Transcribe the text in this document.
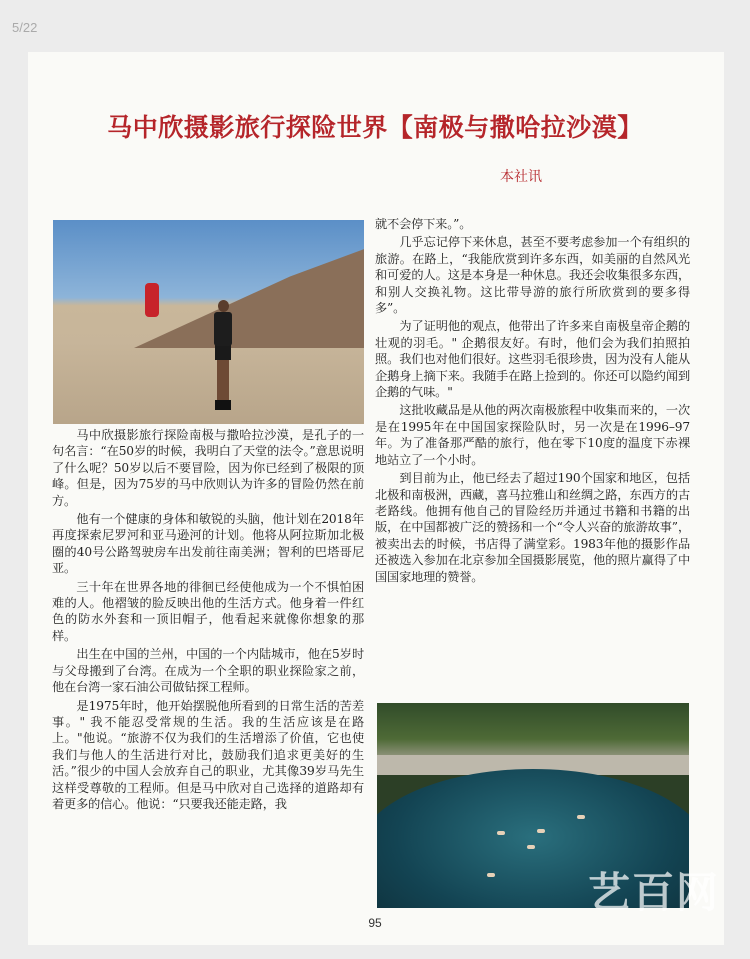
5/22
马中欣摄影旅行探险世界【南极与撒哈拉沙漠】
本社讯

马中欣摄影旅行探险南极与撒哈拉沙漠，是孔子的一句名言：“在50岁的时候，我明白了天堂的法令。”意思说明了什么呢？50岁以后不要冒险，因为你已经到了极限的顶峰。但是，因为75岁的马中欣则认为许多的冒险仍然在前方。

他有一个健康的身体和敏锐的头脑，他计划在2018年再度探索尼罗河和亚马逊河的计划。他将从阿拉斯加北极圈的40号公路驾驶房车出发前往南美洲；智利的巴塔哥尼亚。

三十年在世界各地的徘徊已经使他成为一个不惧怕困难的人。他褶皱的脸反映出他的生活方式。他身着一件红色的防水外套和一顶旧帽子，他看起来就像你想象的那样。

出生在中国的兰州，中国的一个内陆城市，他在5岁时与父母搬到了台湾。在成为一个全职的职业探险家之前，他在台湾一家石油公司做钻探工程师。

是1975年时，他开始摆脱他所看到的日常生活的苦差事。" 我不能忍受常规的生活。我的生活应该是在路上。"他说。“旅游不仅为我们的生活增添了价值，它也使我们与他人的生活进行对比，鼓励我们追求更美好的生活。”很少的中国人会放弃自己的职业，尤其像39岁马先生这样受尊敬的工程师。但是马中欣对自己选择的道路却有着更多的信心。他说：“只要我还能走路，我

就不会停下来。”。

几乎忘记停下来休息，甚至不要考虑参加一个有组织的旅游。在路上，“我能欣赏到许多东西，如美丽的自然风光和可爱的人。这是本身是一种休息。我还会收集很多东西，和别人交换礼物。这比带导游的旅行所欣赏到的要多得多”。

为了证明他的观点，他带出了许多来自南极皇帝企鹅的壮观的羽毛。" 企鹅很友好。有时，他们会为我们拍照拍照。我们也对他们很好。这些羽毛很珍贵，因为没有人能从企鹅身上摘下来。我随手在路上捡到的。你还可以隐约闻到企鹅的气味。"

这批收藏品是从他的两次南极旅程中收集而来的，一次是在1995年在中国国家探险队时，另一次是在1996–97年。为了准备那严酷的旅行，他在零下10度的温度下赤裸地站立了一个小时。

到目前为止，他已经去了超过190个国家和地区，包括北极和南极洲，西藏，喜马拉雅山和丝绸之路，东西方的古老路线。他拥有他自己的冒险经历并通过书籍和书籍的出版，在中国都被广泛的赞扬和一个“令人兴奋的旅游故事”，被卖出去的时候，书店得了满堂彩。1983年他的摄影作品还被选入参加在北京参加全国摄影展览，他的照片赢得了中国国家地理的赞誉。

95
艺百网
